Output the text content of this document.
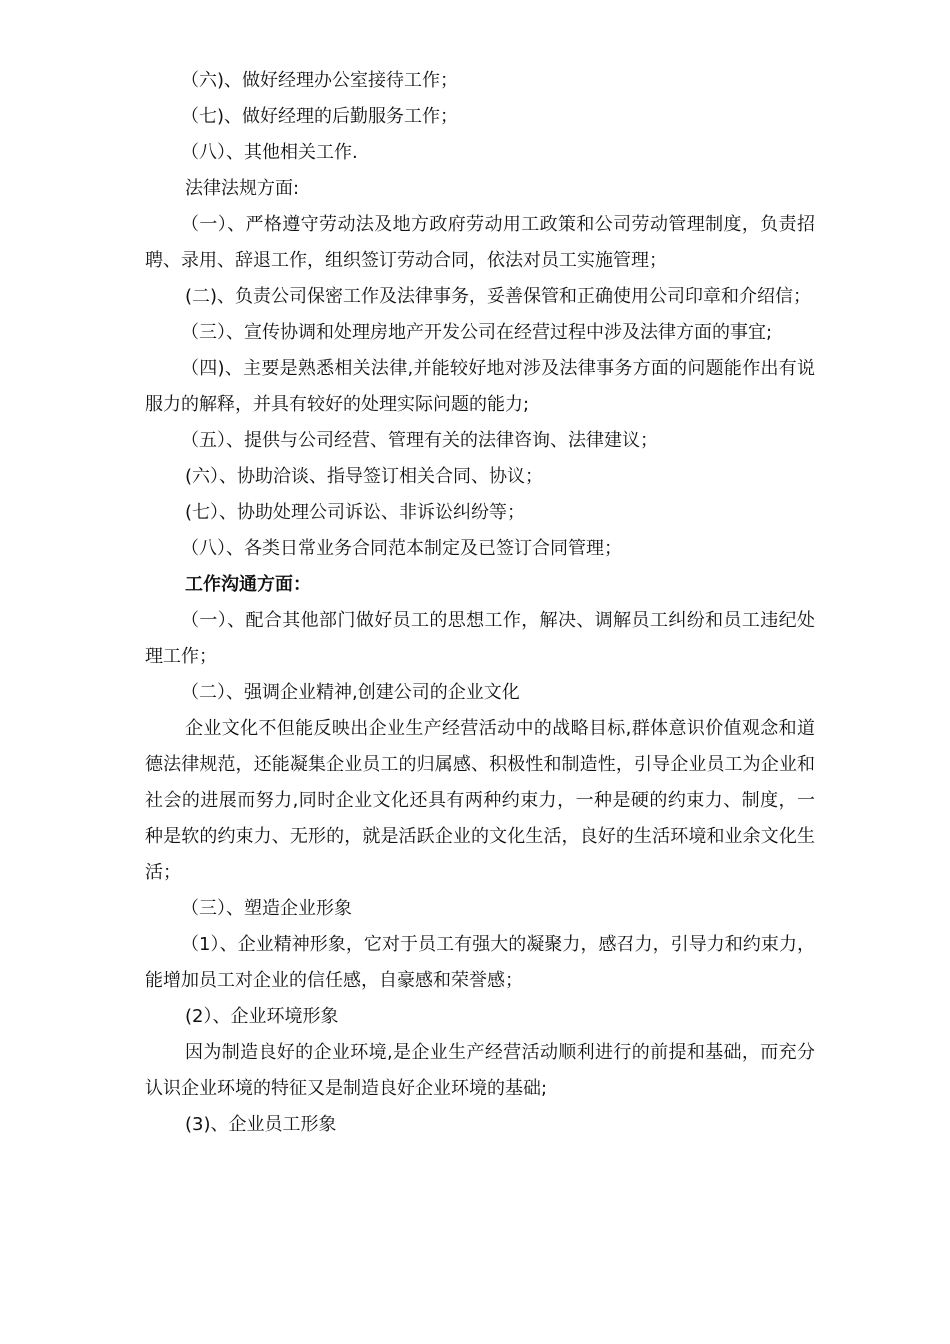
（六)、做好经理办公室接待工作；

（七)、做好经理的后勤服务工作；

（八）、其他相关工作.

法律法规方面:

（一）、严格遵守劳动法及地方政府劳动用工政策和公司劳动管理制度，负责招聘、录用、辞退工作，组织签订劳动合同，依法对员工实施管理；

(二)、负责公司保密工作及法律事务，妥善保管和正确使用公司印章和介绍信；

（三）、宣传协调和处理房地产开发公司在经营过程中涉及法律方面的事宜;

（四)、主要是熟悉相关法律,并能较好地对涉及法律事务方面的问题能作出有说服力的解释，并具有较好的处理实际问题的能力;

（五）、提供与公司经营、管理有关的法律咨询、法律建议；

(六）、协助洽谈、指导签订相关合同、协议；

(七）、协助处理公司诉讼、非诉讼纠纷等；

（八）、各类日常业务合同范本制定及已签订合同管理；

工作沟通方面：

（一）、配合其他部门做好员工的思想工作，解决、调解员工纠纷和员工违纪处理工作；

（二）、强调企业精神,创建公司的企业文化

企业文化不但能反映出企业生产经营活动中的战略目标,群体意识价值观念和道德法律规范，还能凝集企业员工的归属感、积极性和制造性，引导企业员工为企业和社会的进展而努力,同时企业文化还具有两种约束力，一种是硬的约束力、制度，一种是软的约束力、无形的，就是活跃企业的文化生活，良好的生活环境和业余文化生活；

（三）、塑造企业形象

（1）、企业精神形象，它对于员工有强大的凝聚力，感召力，引导力和约束力，能增加员工对企业的信任感，自豪感和荣誉感；

(2）、企业环境形象

因为制造良好的企业环境,是企业生产经营活动顺利进行的前提和基础，而充分认识企业环境的特征又是制造良好企业环境的基础;

(3)、企业员工形象
